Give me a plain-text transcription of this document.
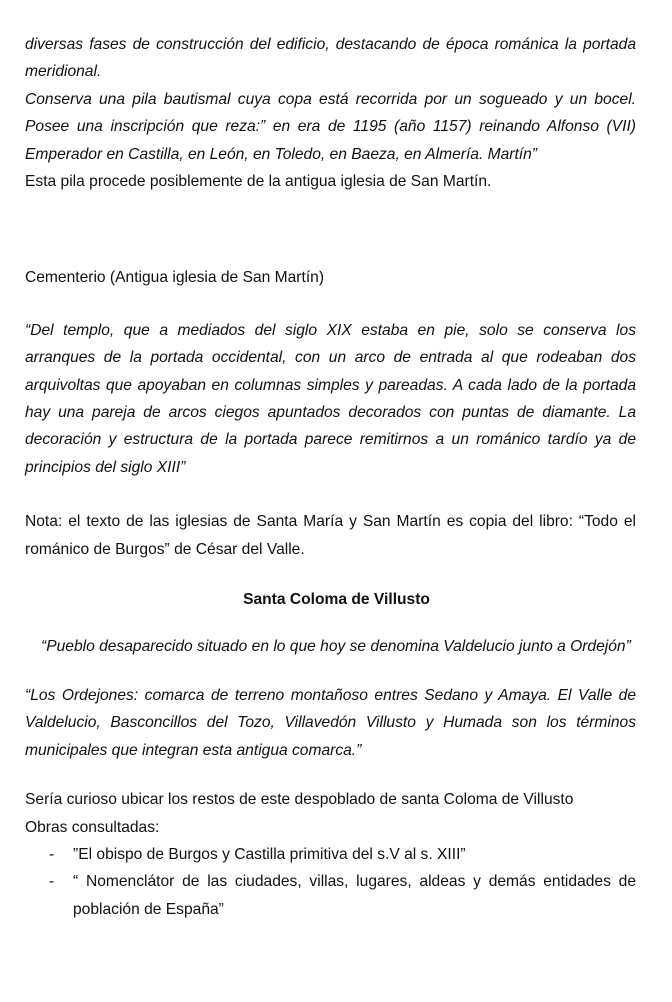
diversas fases de construcción del edificio, destacando de época románica la portada meridional.

Conserva una pila bautismal cuya copa está recorrida por un sogueado y un bocel. Posee una inscripción que reza:” en era de 1195 (año 1157) reinando Alfonso (VII) Emperador en Castilla, en León, en Toledo, en Baeza, en Almería. Martín”

Esta pila procede posiblemente de la antigua iglesia de San Martín.

Cementerio (Antigua iglesia de San Martín)

“Del templo, que a mediados del siglo XIX estaba en pie, solo se conserva los arranques de la portada occidental, con un arco de entrada al que rodeaban dos arquivoltas que apoyaban en columnas simples y pareadas. A cada lado de la portada hay una pareja de arcos ciegos apuntados decorados con puntas de diamante. La decoración y estructura de la portada parece remitirnos a un románico tardío ya de principios del siglo XIII”

Nota: el texto de las iglesias de Santa María y San Martín es copia del libro: “Todo el románico de Burgos” de César del Valle.

Santa Coloma de Villusto

“Pueblo desaparecido situado en lo que hoy se denomina Valdelucio junto a Ordejón”

“Los Ordejones: comarca de terreno montañoso entres Sedano y Amaya. El Valle de Valdelucio, Basconcillos del Tozo, Villavedón Villusto y Humada son los términos municipales que integran esta antigua comarca.”

Sería curioso ubicar los restos de este despoblado de santa Coloma de Villusto

Obras consultadas:

- ”El obispo de Burgos y Castilla primitiva del s.V al s. XIII”
- “ Nomenclátor de las ciudades, villas, lugares, aldeas y demás entidades de población de España”
